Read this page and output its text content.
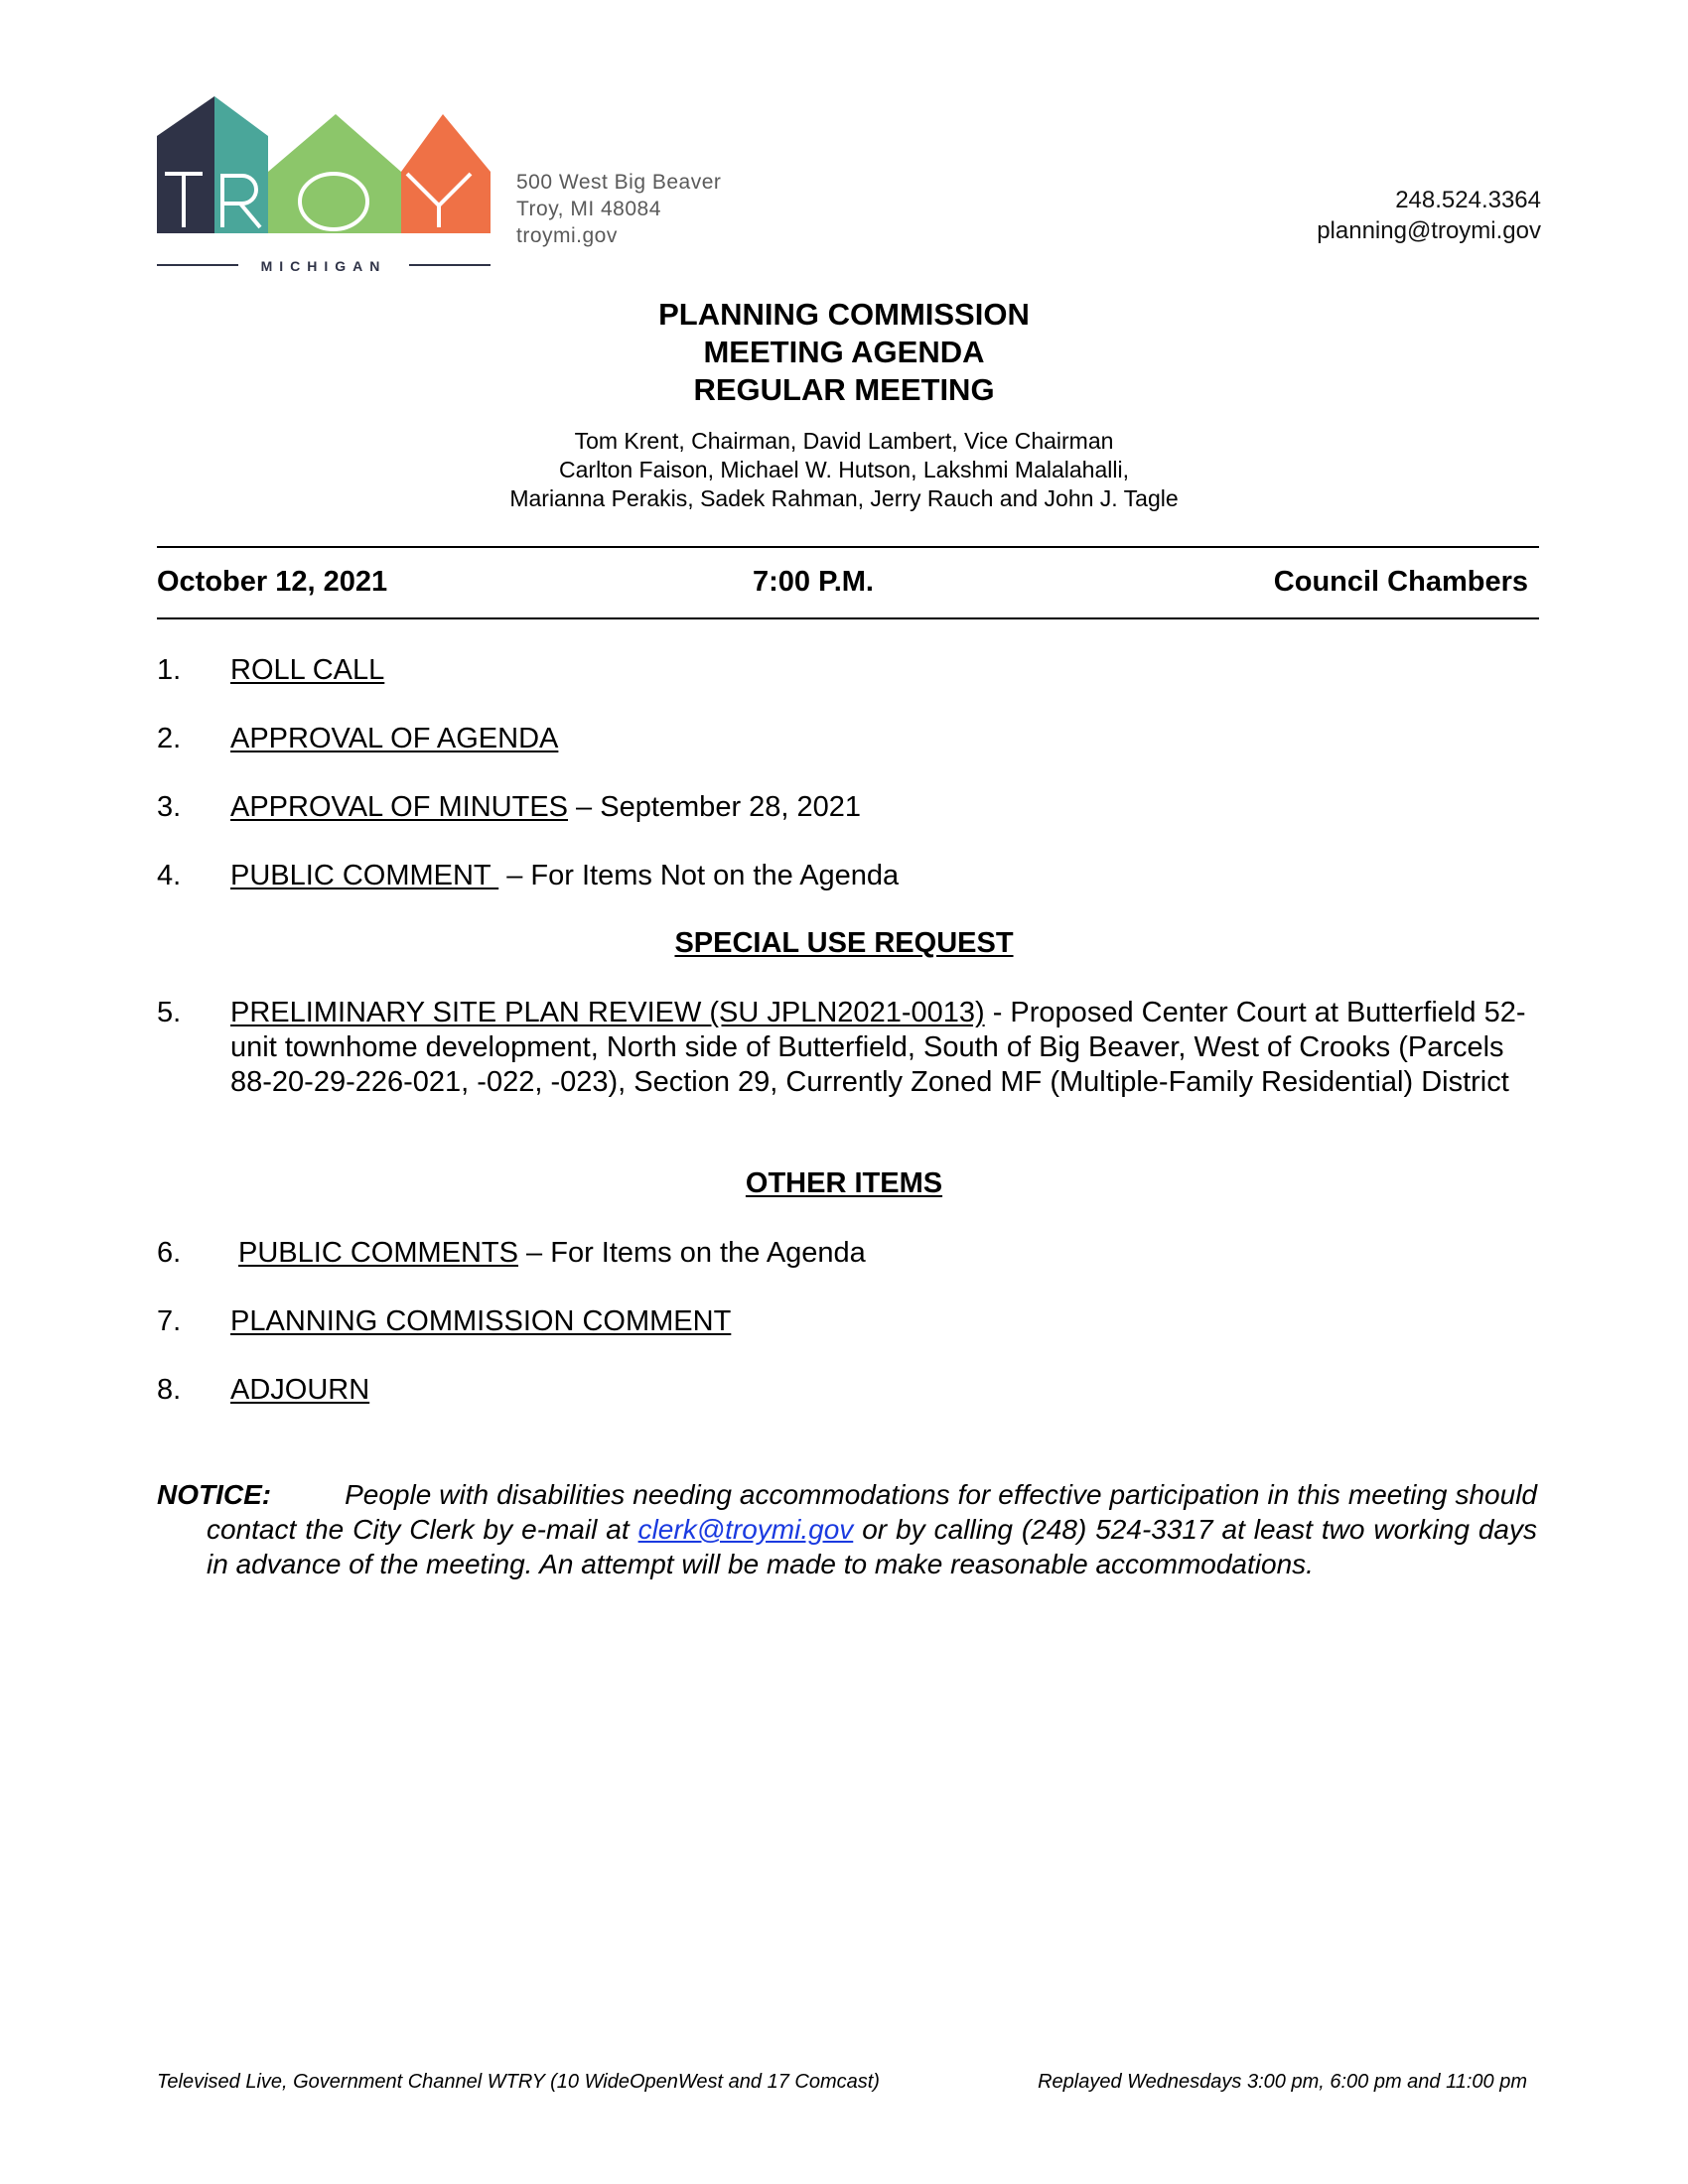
MICHIGAN
500 West Big Beaver
Troy, MI 48084
troymi.gov
248.524.3364
planning@troymi.gov
PLANNING COMMISSION
MEETING AGENDA
REGULAR MEETING
Tom Krent, Chairman, David Lambert, Vice Chairman
Carlton Faison, Michael W. Hutson, Lakshmi Malalahalli,
Marianna Perakis, Sadek Rahman, Jerry Rauch and John J. Tagle
October 12, 2021	7:00 P.M.	Council Chambers
1. ROLL CALL
2. APPROVAL OF AGENDA
3. APPROVAL OF MINUTES – September 28, 2021
4. PUBLIC COMMENT  – For Items Not on the Agenda
SPECIAL USE REQUEST
5. PRELIMINARY SITE PLAN REVIEW (SU JPLN2021-0013) - Proposed Center Court at Butterfield 52-unit townhome development, North side of Butterfield, South of Big Beaver, West of Crooks (Parcels 88-20-29-226-021, -022, -023), Section 29, Currently Zoned MF (Multiple-Family Residential) District
OTHER ITEMS
6. PUBLIC COMMENTS – For Items on the Agenda
7. PLANNING COMMISSION COMMENT
8. ADJOURN

NOTICE:	People with disabilities needing accommodations for effective participation in this meeting should contact the City Clerk by e-mail at clerk@troymi.gov or by calling (248) 524-3317 at least two working days in advance of the meeting. An attempt will be made to make reasonable accommodations.

Televised Live, Government Channel WTRY (10 WideOpenWest and 17 Comcast)	Replayed Wednesdays 3:00 pm, 6:00 pm and 11:00 pm
